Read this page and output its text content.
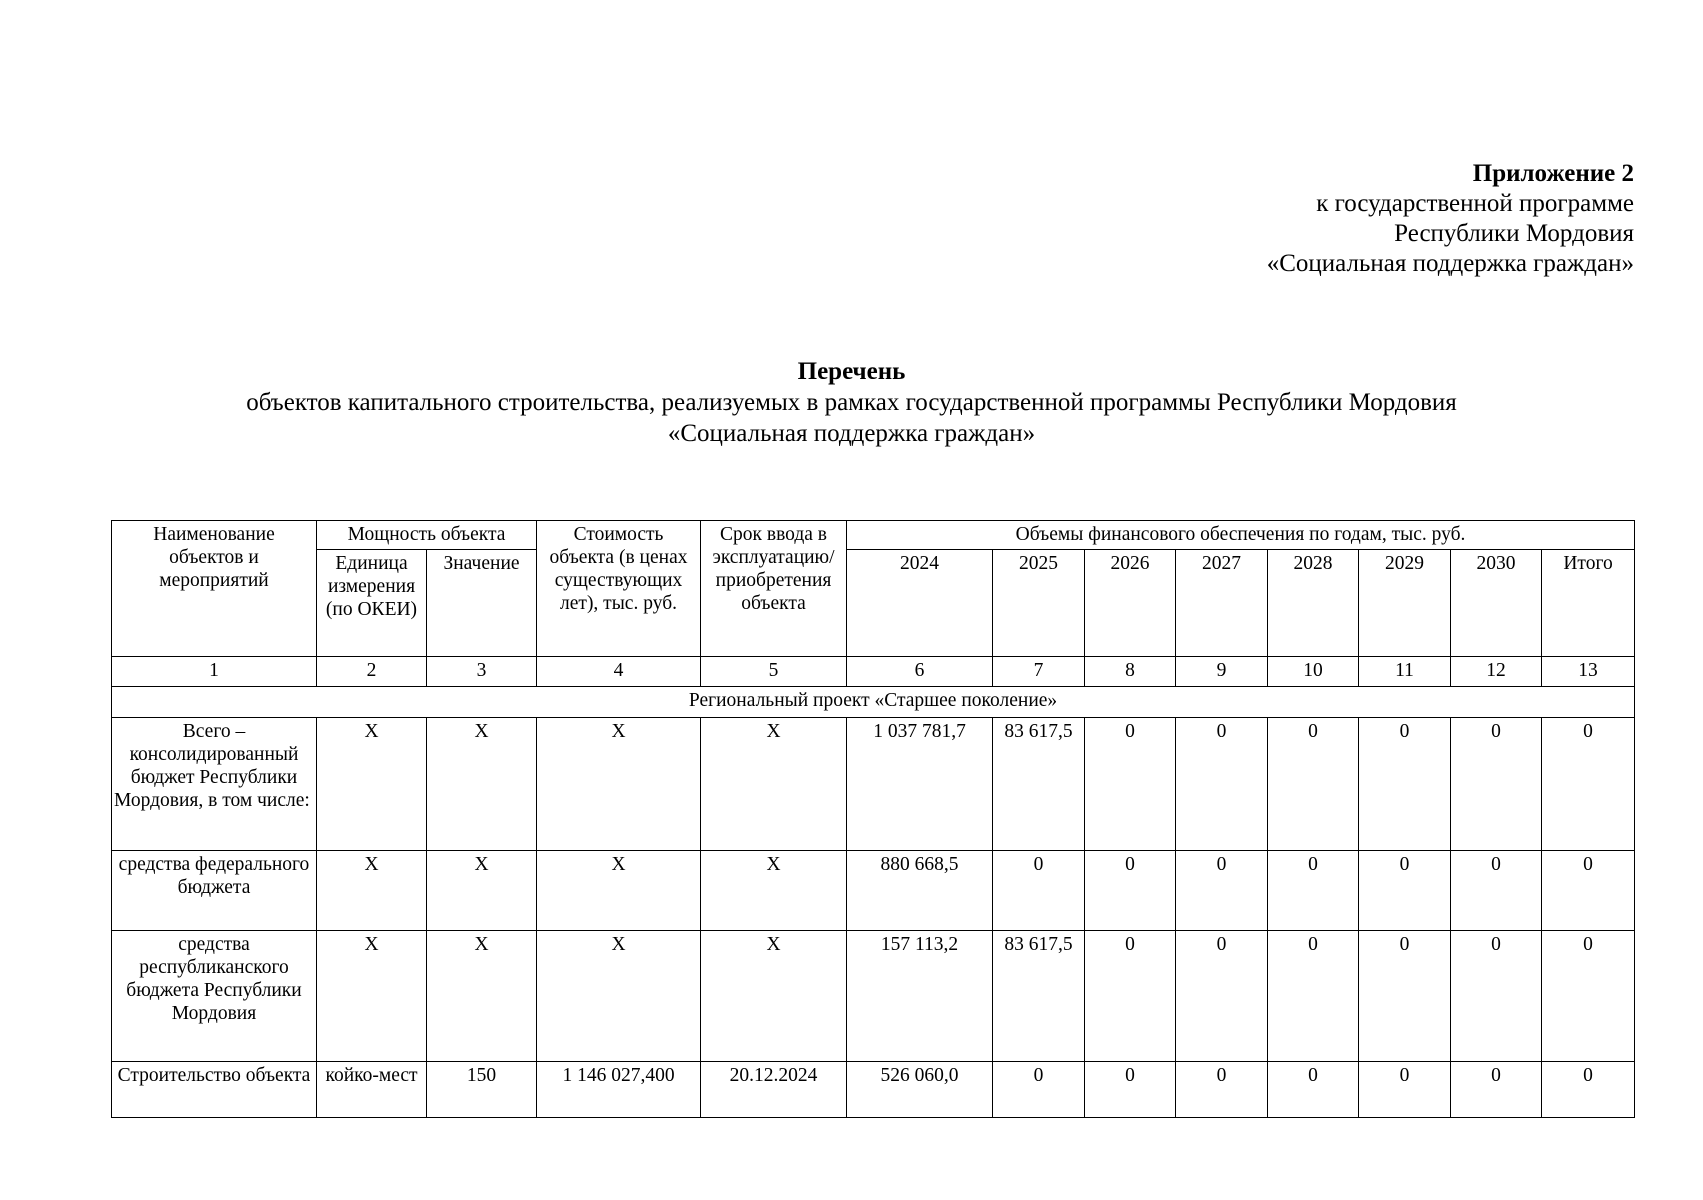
Приложение 2
к государственной программе
Республики Мордовия
«Социальная поддержка граждан»
Перечень
объектов капитального строительства, реализуемых в рамках государственной программы Республики Мордовия
«Социальная поддержка граждан»
Наименование объектов и мероприятий	Мощность объекта		Стоимость объекта (в ценах существующих лет), тыс. руб.	Срок ввода в эксплуатацию/ приобретения объекта	Объемы финансового обеспечения по годам, тыс. руб.							
	Единица измерения (по ОКЕИ)	Значение			2024	2025	2026	2027	2028	2029	2030	Итого
1	2	3	4	5	6	7	8	9	10	11	12	13
Региональный проект «Старшее поколение»												
Всего – консолидированный бюджет Республики Мордовия, в том числе:	X	X	X	X	1 037 781,7	83 617,5	0	0	0	0	0	0
средства федерального бюджета	X	X	X	X	880 668,5	0	0	0	0	0	0	0
средства республиканского бюджета Республики Мордовия	X	X	X	X	157 113,2	83 617,5	0	0	0	0	0	0
Строительство объекта	койко-мест	150	1 146 027,400	20.12.2024	526 060,0	0	0	0	0	0	0	0
